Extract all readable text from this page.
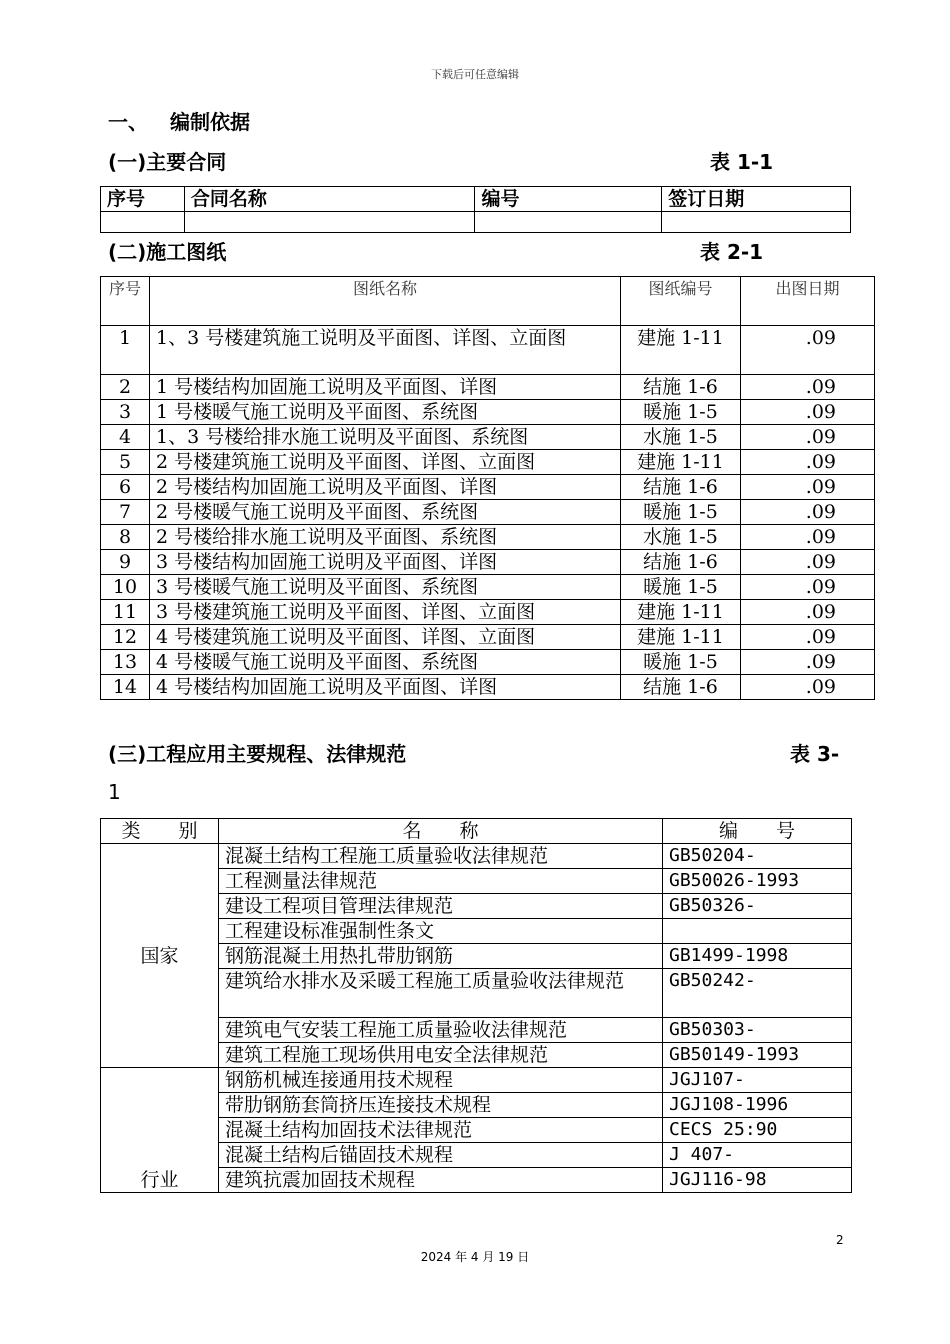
下载后可任意编辑
一、 编制依据
(一)主要合同	表 1-1
序号	合同名称	编号	签订日期

(二)施工图纸	表 2-1
序号	图纸名称	图纸编号	出图日期
1	1、3 号楼建筑施工说明及平面图、详图、立面图	建施 1-11	.09
2	1 号楼结构加固施工说明及平面图、详图	结施 1-6	.09
3	1 号楼暖气施工说明及平面图、系统图	暖施 1-5	.09
4	1、3 号楼给排水施工说明及平面图、系统图	水施 1-5	.09
5	2 号楼建筑施工说明及平面图、详图、立面图	建施 1-11	.09
6	2 号楼结构加固施工说明及平面图、详图	结施 1-6	.09
7	2 号楼暖气施工说明及平面图、系统图	暖施 1-5	.09
8	2 号楼给排水施工说明及平面图、系统图	水施 1-5	.09
9	3 号楼结构加固施工说明及平面图、详图	结施 1-6	.09
10	3 号楼暖气施工说明及平面图、系统图	暖施 1-5	.09
11	3 号楼建筑施工说明及平面图、详图、立面图	建施 1-11	.09
12	4 号楼建筑施工说明及平面图、详图、立面图	建施 1-11	.09
13	4 号楼暖气施工说明及平面图、系统图	暖施 1-5	.09
14	4 号楼结构加固施工说明及平面图、详图	结施 1-6	.09
(三)工程应用主要规程、法律规范	表 3-
1
类　　别	名　　称	编　　号
国家	混凝土结构工程施工质量验收法律规范	GB50204-
	工程测量法律规范	GB50026-1993
	建设工程项目管理法律规范	GB50326-
	工程建设标准强制性条文	
	钢筋混凝土用热扎带肋钢筋	GB1499-1998
	建筑给水排水及采暖工程施工质量验收法律规范	GB50242-
	建筑电气安装工程施工质量验收法律规范	GB50303-
	建筑工程施工现场供用电安全法律规范	GB50149-1993
行业	钢筋机械连接通用技术规程	JGJ107-
	带肋钢筋套筒挤压连接技术规程	JGJ108-1996
	混凝土结构加固技术法律规范	CECS 25:90
	混凝土结构后锚固技术规程	J 407-
	建筑抗震加固技术规程	JGJ116-98
2
2024 年 4 月 19 日
